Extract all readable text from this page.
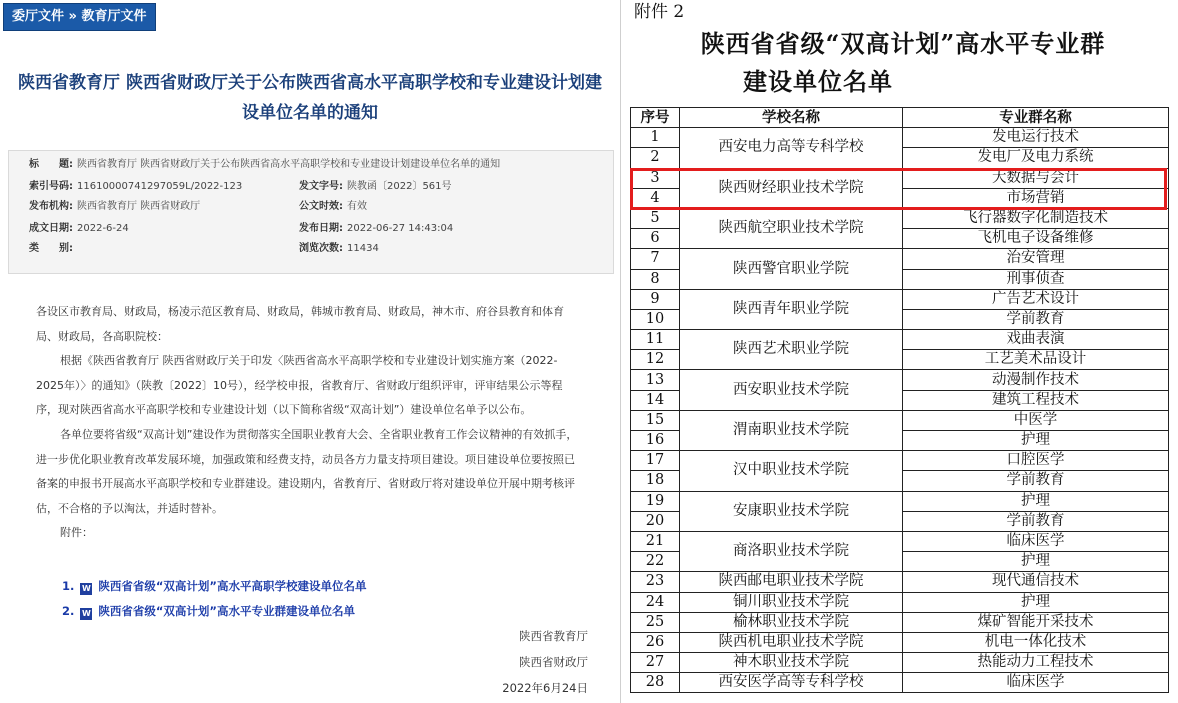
委厅文件 » 教育厅文件
陕西省教育厅 陕西省财政厅关于公布陕西省高水平高职学校和专业建设计划建
设单位名单的通知
标　　题: 陕西省教育厅 陕西省财政厅关于公布陕西省高水平高职学校和专业建设计划建设单位名单的通知
索引号码: 11610000741297059L/2022-123	发文字号: 陕教函〔2022〕561号
发布机构: 陕西省教育厅 陕西省财政厅	公文时效: 有效
成文日期: 2022-6-24	发布日期: 2022-06-27 14:43:04
类　　别:	浏览次数: 11434

各设区市教育局、财政局，杨凌示范区教育局、财政局，韩城市教育局、财政局，神木市、府谷县教育和体育局、财政局，各高职院校：

根据《陕西省教育厅 陕西省财政厅关于印发〈陕西省高水平高职学校和专业建设计划实施方案（2022-2025年）〉的通知》（陕教〔2022〕10号），经学校申报，省教育厅、省财政厅组织评审，评审结果公示等程序，现对陕西省高水平高职学校和专业建设计划（以下简称省级“双高计划”）建设单位名单予以公布。

各单位要将省级“双高计划”建设作为贯彻落实全国职业教育大会、全省职业教育工作会议精神的有效抓手，进一步优化职业教育改革发展环境，加强政策和经费支持，动员各方力量支持项目建设。项目建设单位要按照已备案的申报书开展高水平高职学校和专业群建设。建设期内，省教育厅、省财政厅将对建设单位开展中期考核评估，不合格的予以淘汰，并适时替补。

附件：

1. W 陕西省省级“双高计划”高水平高职学校建设单位名单
2. W 陕西省省级“双高计划”高水平专业群建设单位名单
陕西省教育厅
陕西省财政厅
2022年6月24日
附件 2
陕西省省级“双高计划”高水平专业群
建设单位名单
序号	学校名称	专业群名称
1	西安电力高等专科学校	发电运行技术
2		发电厂及电力系统
3	陕西财经职业技术学院	大数据与会计
4		市场营销
5	陕西航空职业技术学院	飞行器数字化制造技术
6		飞机电子设备维修
7	陕西警官职业学院	治安管理
8		刑事侦查
9	陕西青年职业学院	广告艺术设计
10		学前教育
11	陕西艺术职业学院	戏曲表演
12		工艺美术品设计
13	西安职业技术学院	动漫制作技术
14		建筑工程技术
15	渭南职业技术学院	中医学
16		护理
17	汉中职业技术学院	口腔医学
18		学前教育
19	安康职业技术学院	护理
20		学前教育
21	商洛职业技术学院	临床医学
22		护理
23	陕西邮电职业技术学院	现代通信技术
24	铜川职业技术学院	护理
25	榆林职业技术学院	煤矿智能开采技术
26	陕西机电职业技术学院	机电一体化技术
27	神木职业技术学院	热能动力工程技术
28	西安医学高等专科学校	临床医学
